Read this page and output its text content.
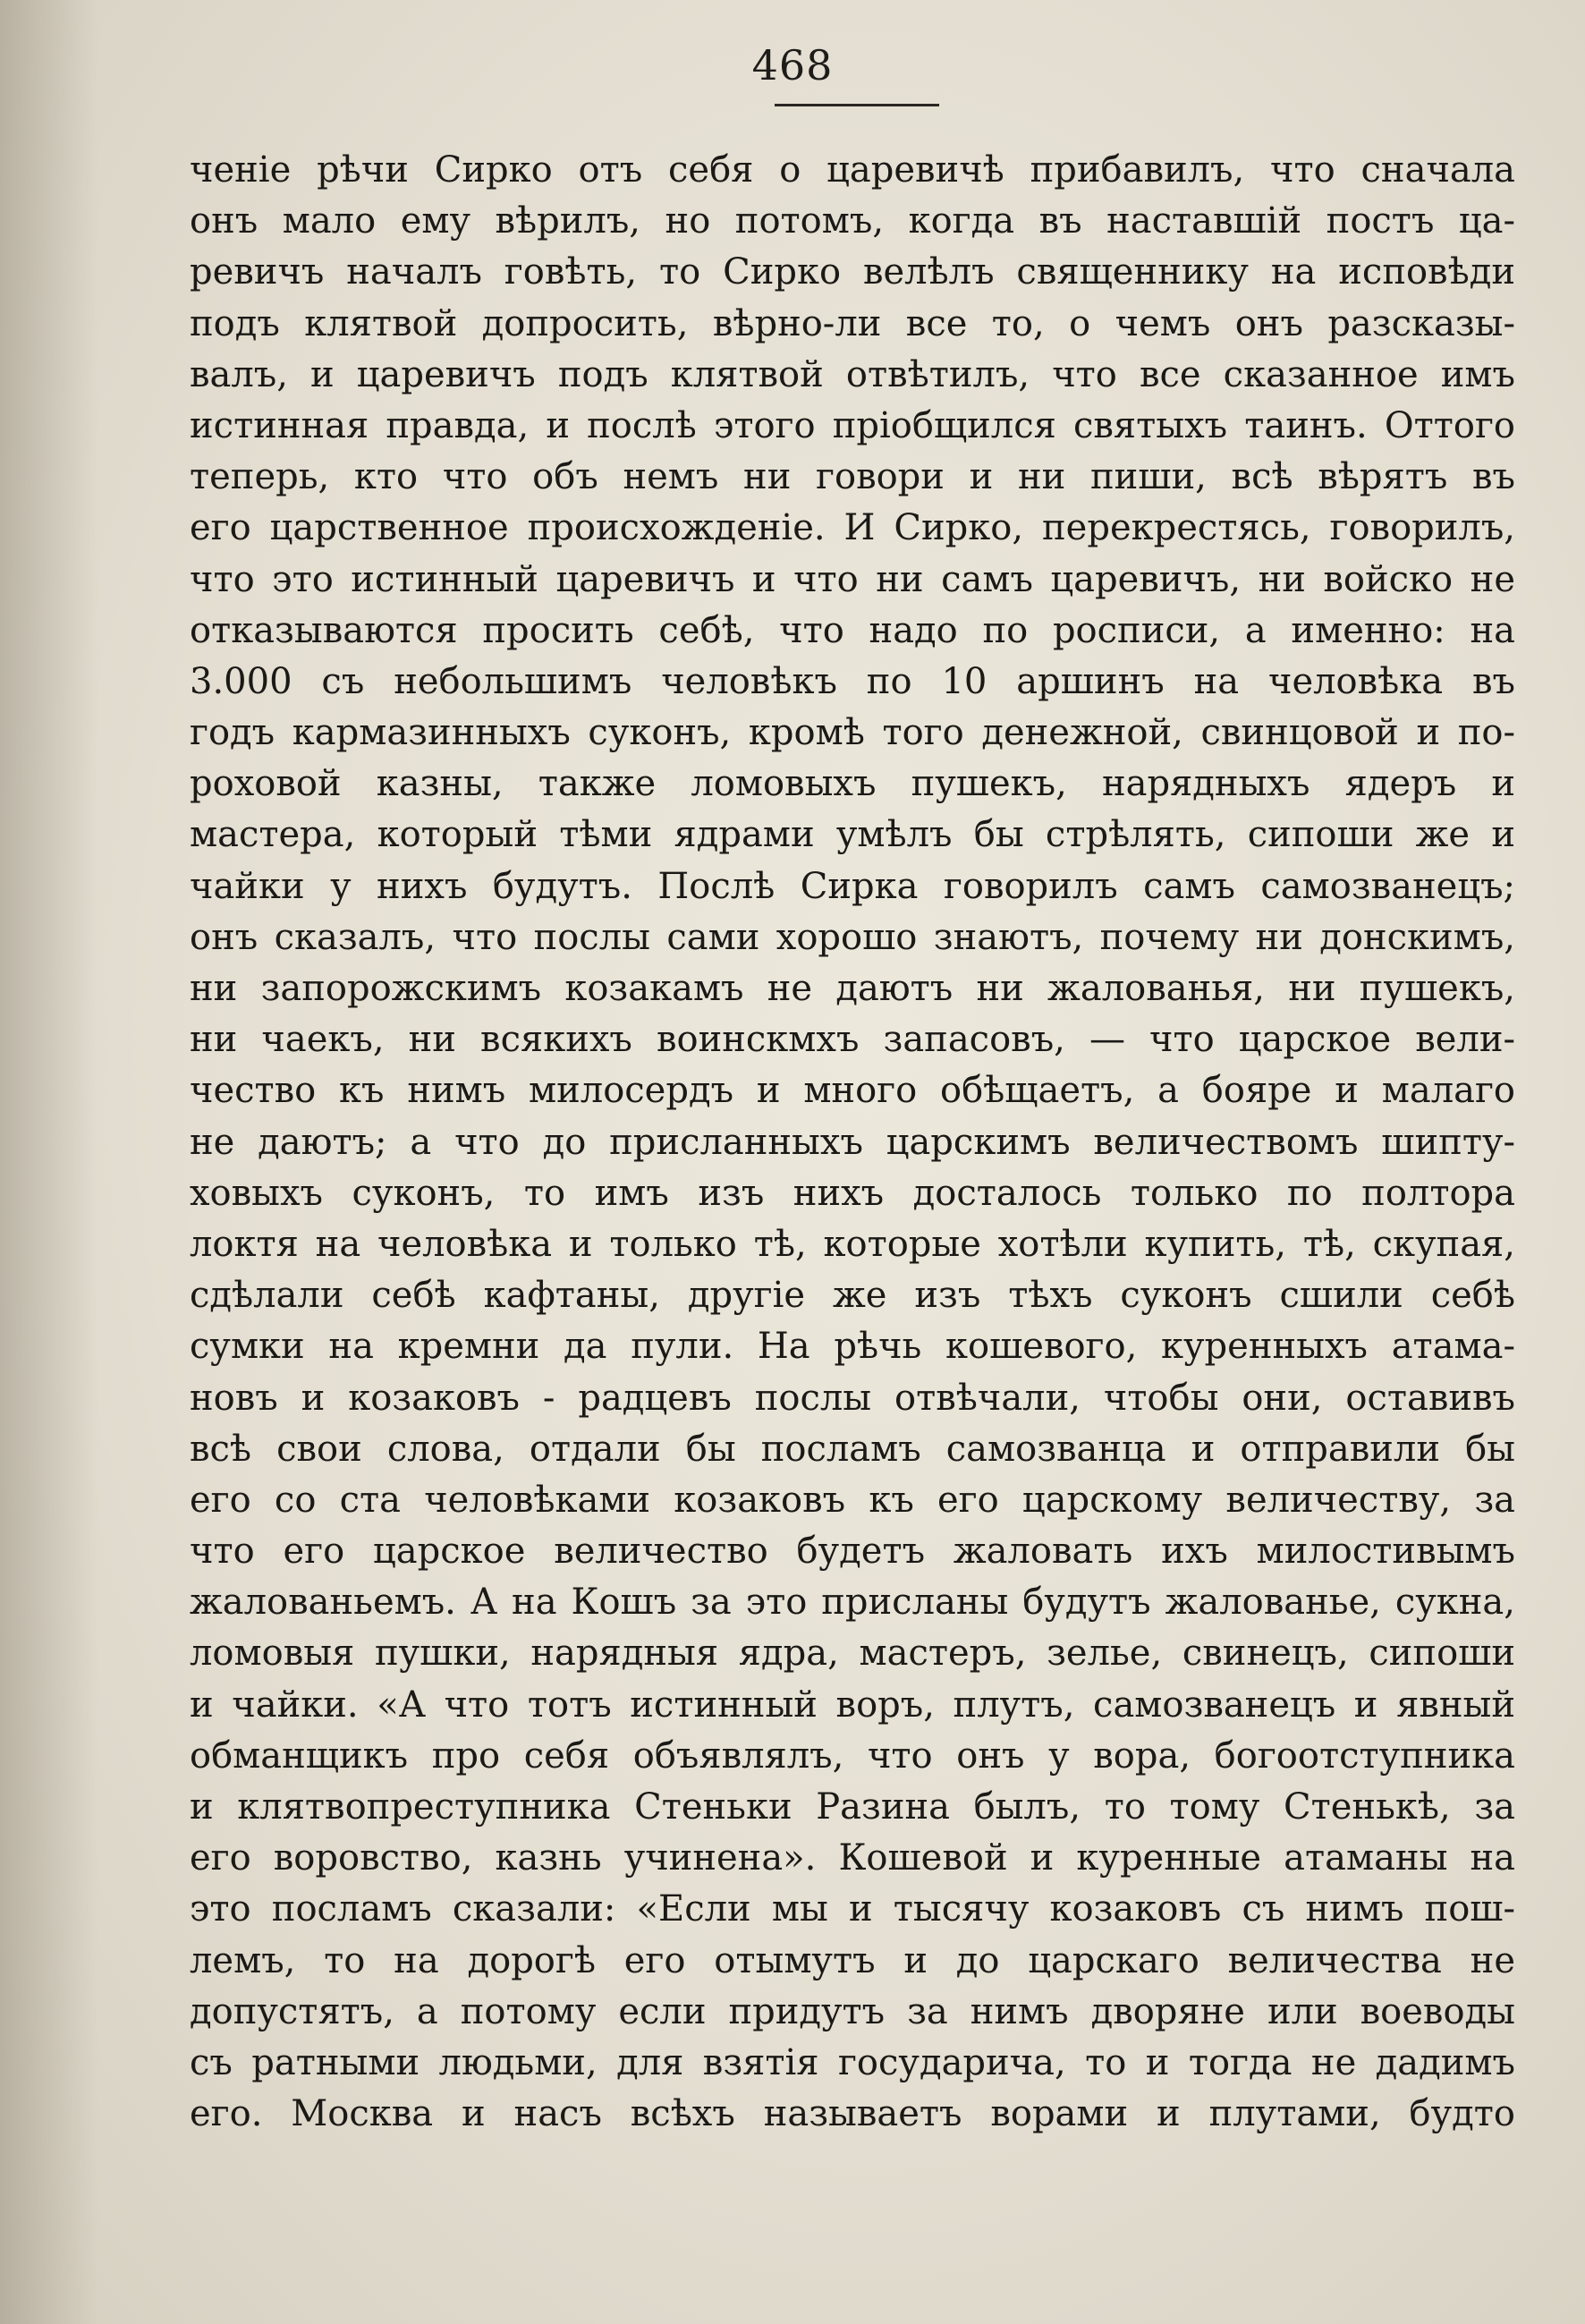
468
ченіе рѣчи Сирко отъ себя о царевичѣ прибавилъ, что сначала
онъ мало ему вѣрилъ, но потомъ, когда въ наставшій постъ ца-
ревичъ началъ говѣть, то Сирко велѣлъ священнику на исповѣди
подъ клятвой допросить, вѣрно-ли все то, о чемъ онъ разсказы-
валъ, и царевичъ подъ клятвой отвѣтилъ, что все сказанное имъ
истинная правда, и послѣ этого пріобщился святыхъ таинъ. Оттого
теперь, кто что объ немъ ни говори и ни пиши, всѣ вѣрятъ въ
его царственное происхожденіе. И Сирко, перекрестясь, говорилъ,
что это истинный царевичъ и что ни самъ царевичъ, ни войско не
отказываются просить себѣ, что надо по росписи, а именно: на
3.000 съ небольшимъ человѣкъ по 10 аршинъ на человѣка въ
годъ кармазинныхъ суконъ, кромѣ того денежной, свинцовой и по-
роховой казны, также ломовыхъ пушекъ, нарядныхъ ядеръ и
мастера, который тѣми ядрами умѣлъ бы стрѣлять, сипоши же и
чайки у нихъ будутъ. Послѣ Сирка говорилъ самъ самозванецъ;
онъ сказалъ, что послы сами хорошо знаютъ, почему ни донскимъ,
ни запорожскимъ козакамъ не даютъ ни жалованья, ни пушекъ,
ни чаекъ, ни всякихъ воинскмхъ запасовъ, — что царское вели-
чество къ нимъ милосердъ и много обѣщаетъ, а бояре и малаго
не даютъ; а что до присланныхъ царскимъ величествомъ шипту-
ховыхъ суконъ, то имъ изъ нихъ досталось только по полтора
локтя на человѣка и только тѣ, которые хотѣли купить, тѣ, скупая,
сдѣлали себѣ кафтаны, другіе же изъ тѣхъ суконъ сшили себѣ
сумки на кремни да пули. На рѣчь кошевого, куренныхъ атама-
новъ и козаковъ - радцевъ послы отвѣчали, чтобы они, оставивъ
всѣ свои слова, отдали бы посламъ самозванца и отправили бы
его со ста человѣками козаковъ къ его царскому величеству, за
что его царское величество будетъ жаловать ихъ милостивымъ
жалованьемъ. А на Кошъ за это присланы будутъ жалованье, сукна,
ломовыя пушки, нарядныя ядра, мастеръ, зелье, свинецъ, сипоши
и чайки. «А что тотъ истинный воръ, плутъ, самозванецъ и явный
обманщикъ про себя объявлялъ, что онъ у вора, богоотступника
и клятвопреступника Стеньки Разина былъ, то тому Стенькѣ, за
его воровство, казнь учинена». Кошевой и куренные атаманы на
это посламъ сказали: «Если мы и тысячу козаковъ съ нимъ пош-
лемъ, то на дорогѣ его отымутъ и до царскаго величества не
допустятъ, а потому если придутъ за нимъ дворяне или воеводы
съ ратными людьми, для взятія государича, то и тогда не дадимъ
его. Москва и насъ всѣхъ называетъ ворами и плутами, будто
